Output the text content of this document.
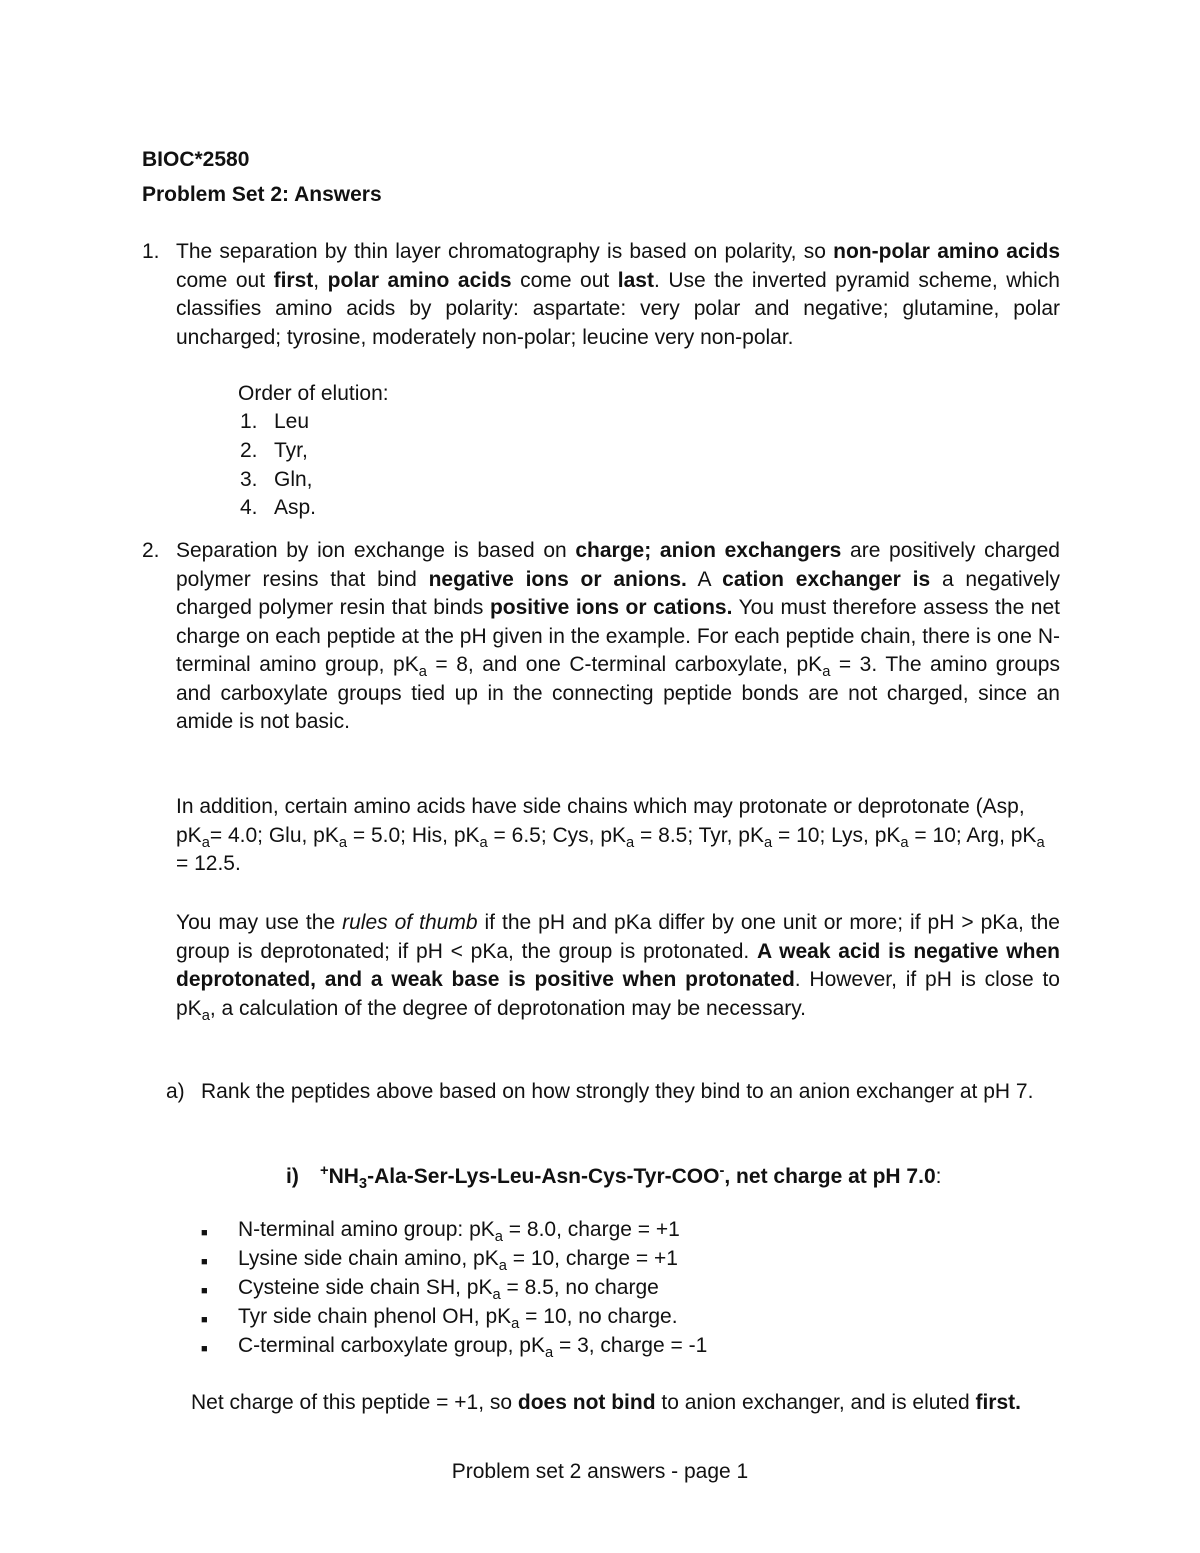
BIOC*2580
Problem Set 2: Answers
1. The separation by thin layer chromatography is based on polarity, so non-polar amino acids come out first, polar amino acids come out last. Use the inverted pyramid scheme, which classifies amino acids by polarity: aspartate: very polar and negative; glutamine, polar uncharged; tyrosine, moderately non-polar; leucine very non-polar.
Order of elution:
1. Leu
2. Tyr,
3. Gln,
4. Asp.
2. Separation by ion exchange is based on charge; anion exchangers are positively charged polymer resins that bind negative ions or anions. A cation exchanger is a negatively charged polymer resin that binds positive ions or cations. You must therefore assess the net charge on each peptide at the pH given in the example. For each peptide chain, there is one N-terminal amino group, $pK_a = 8$, and one C-terminal carboxylate, $pK_a = 3$. The amino groups and carboxylate groups tied up in the connecting peptide bonds are not charged, since an amide is not basic.
In addition, certain amino acids have side chains which may protonate or deprotonate (Asp, $pK_a= 4.0$; Glu, $pK_a = 5.0$; His, $pK_a = 6.5$; Cys, $pK_a = 8.5$; Tyr, $pK_a = 10$; Lys, $pK_a = 10$; Arg, $pK_a = 12.5$.
You may use the rules of thumb if the pH and pKa differ by one unit or more; if pH > pKa, the group is deprotonated; if pH < pKa, the group is protonated. A weak acid is negative when deprotonated, and a weak base is positive when protonated. However, if pH is close to $pK_a$, a calculation of the degree of deprotonation may be necessary.
a) Rank the peptides above based on how strongly they bind to an anion exchanger at pH 7.
i) $^+NH_3-Ala-Ser-Lys-Leu-Asn-Cys-Tyr-COO^-$, net charge at pH 7.0:
■ N-terminal amino group: $pK_a = 8.0$, charge = +1
■ Lysine side chain amino, $pK_a = 10$, charge = +1
■ Cysteine side chain SH, $pK_a = 8.5$, no charge
■ Tyr side chain phenol OH, $pK_a = 10$, no charge.
■ C-terminal carboxylate group, $pK_a = 3$, charge = -1
Net charge of this peptide = +1, so does not bind to anion exchanger, and is eluted first.
Problem set 2 answers - page 1
